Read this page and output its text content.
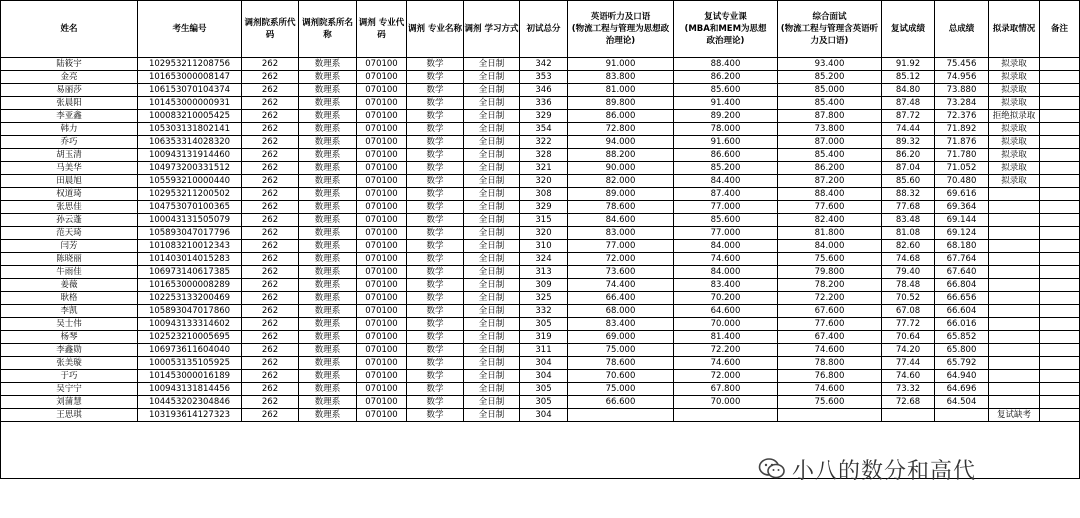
姓名	考生编号	调剂院系所代码	调剂院系所名称	调剂 专业代码	调剂 专业名称	调剂 学习方式	初试总分	英语听力及口语
(物流工程与管理为思想政治理论)	复试专业课
(MBA和MEM为思想
政治理论)	综合面试
(物流工程与管理含英语听力及口语)	复试成绩	总成绩	拟录取情况	备注
陆筱宇	102953211208756	262	数理系	070100	数学	全日制	342	91.000	88.400	93.400	91.92	75.456	拟录取	
金亮	101653000008147	262	数理系	070100	数学	全日制	353	83.800	86.200	85.200	85.12	74.956	拟录取	
易丽莎	106153070104374	262	数理系	070100	数学	全日制	346	81.000	85.600	85.000	84.80	73.880	拟录取	
张晨阳	101453000000931	262	数理系	070100	数学	全日制	336	89.800	91.400	85.400	87.48	73.284	拟录取	
李亚鑫	100083210005425	262	数理系	070100	数学	全日制	329	86.000	89.200	87.800	87.72	72.376	拒绝拟录取	
韩力	105303131802141	262	数理系	070100	数学	全日制	354	72.800	78.000	73.800	74.44	71.892	拟录取	
乔巧	106353314028320	262	数理系	070100	数学	全日制	322	94.000	91.600	87.000	89.32	71.876	拟录取	
胡玉清	100943131914460	262	数理系	070100	数学	全日制	328	88.200	86.600	85.400	86.20	71.780	拟录取	
马美华	104973200331512	262	数理系	070100	数学	全日制	321	90.000	85.200	86.200	87.04	71.052	拟录取	
田晨旭	105593210000440	262	数理系	070100	数学	全日制	320	82.000	84.400	87.200	85.60	70.480	拟录取	
权道琦	102953211200502	262	数理系	070100	数学	全日制	308	89.000	87.400	88.400	88.32	69.616		
张思佳	104753070100365	262	数理系	070100	数学	全日制	329	78.600	77.000	77.600	77.68	69.364		
孙云蓬	100043131505079	262	数理系	070100	数学	全日制	315	84.600	85.600	82.400	83.48	69.144		
范天琦	105893047017796	262	数理系	070100	数学	全日制	320	83.000	77.000	81.800	81.08	69.124		
闫芳	101083210012343	262	数理系	070100	数学	全日制	310	77.000	84.000	84.000	82.60	68.180		
陈晓丽	101403014015283	262	数理系	070100	数学	全日制	324	72.000	74.600	75.600	74.68	67.764		
牛雨佳	106973140617385	262	数理系	070100	数学	全日制	313	73.600	84.000	79.800	79.40	67.640		
姜薇	101653000008289	262	数理系	070100	数学	全日制	309	74.400	83.400	78.200	78.48	66.804		
耿格	102253133200469	262	数理系	070100	数学	全日制	325	66.400	70.200	72.200	70.52	66.656		
李凯	105893047017860	262	数理系	070100	数学	全日制	332	68.000	64.600	67.600	67.08	66.604		
吴士伟	100943133314602	262	数理系	070100	数学	全日制	305	83.400	70.000	77.600	77.72	66.016		
杨琴	102523210005695	262	数理系	070100	数学	全日制	319	69.000	81.400	67.400	70.64	65.852		
李鑫勋	106973611604040	262	数理系	070100	数学	全日制	311	75.000	72.200	74.600	74.20	65.800		
张美璇	100053135105925	262	数理系	070100	数学	全日制	304	78.600	74.600	78.800	77.44	65.792		
于巧	101453000016189	262	数理系	070100	数学	全日制	304	70.600	72.000	76.800	74.60	64.940		
吴宁宁	100943131814456	262	数理系	070100	数学	全日制	305	75.000	67.800	74.600	73.32	64.696		
刘蒲慧	104453202304846	262	数理系	070100	数学	全日制	305	66.600	70.000	75.600	72.68	64.504		
王思琪	103193614127323	262	数理系	070100	数学	全日制	304						复试缺考	

小八的数分和高代
